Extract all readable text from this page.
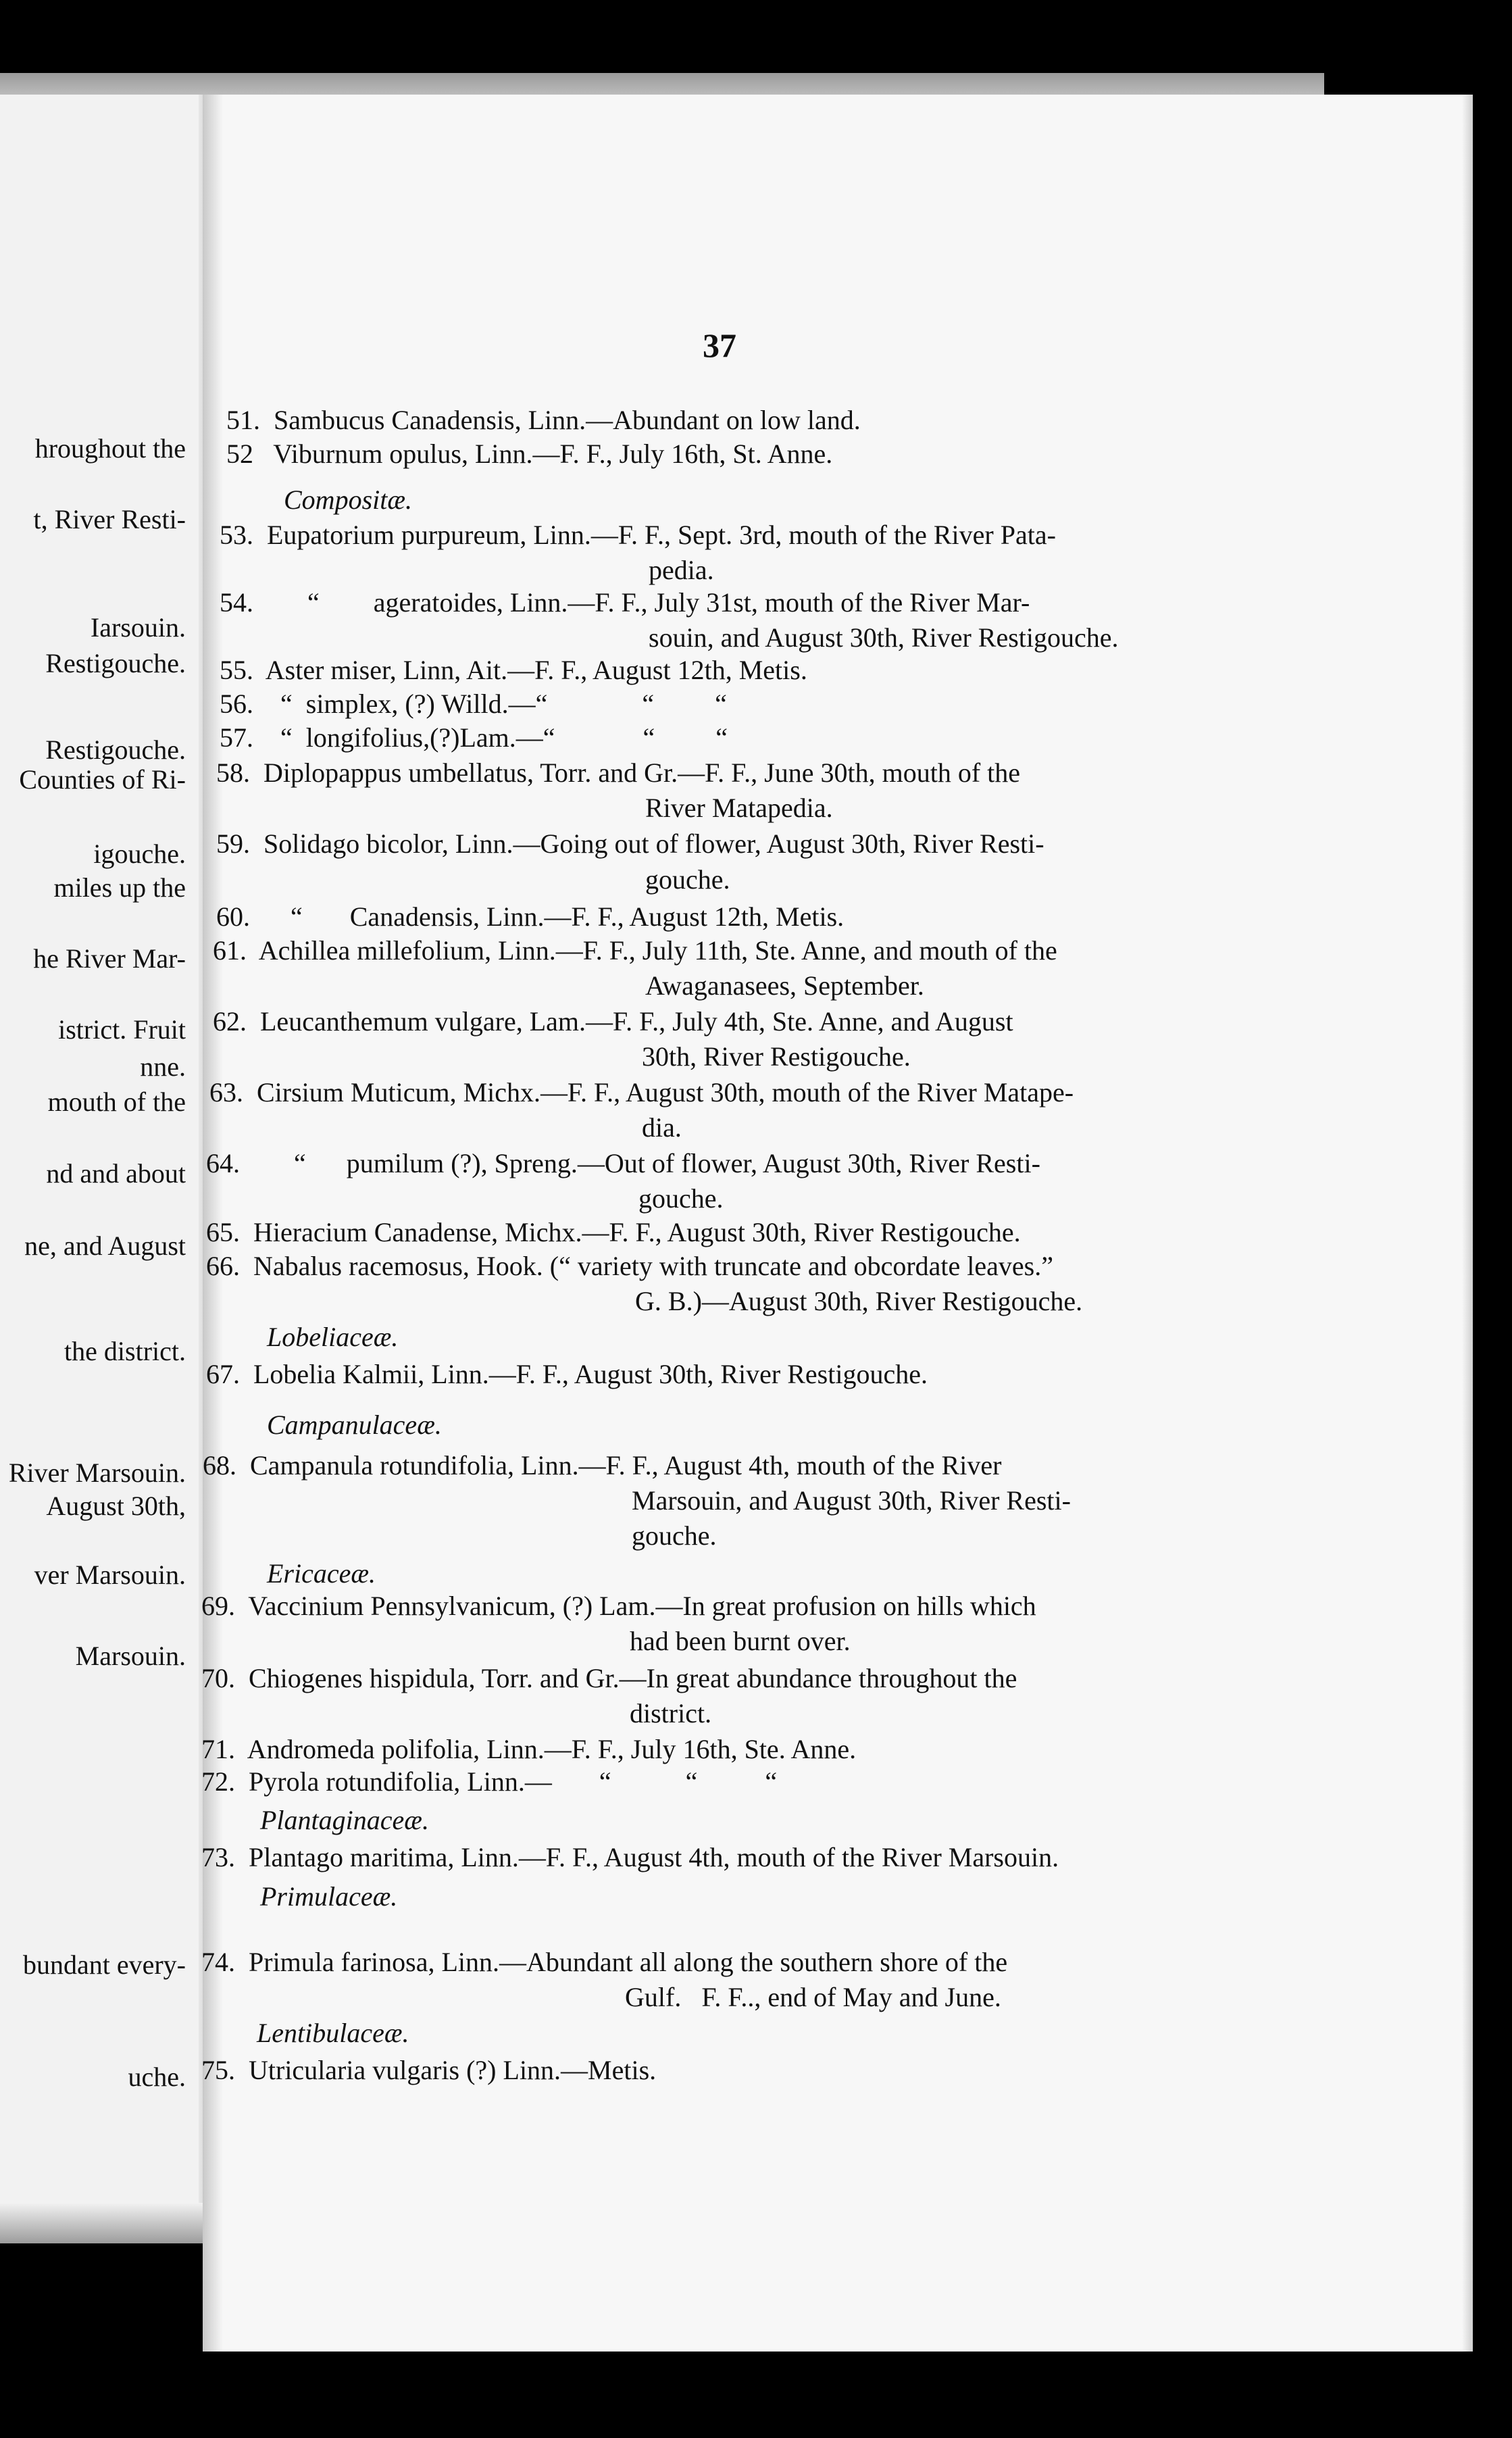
37
hroughout the
t, River Resti-
Iarsouin.
Restigouche.
Restigouche.
Counties of Ri-
igouche.
miles up the
he River Mar-
istrict. Fruit
nne.
mouth of the
nd and about
ne, and August
the district.
River Marsouin.
August 30th,
ver Marsouin.
Marsouin.
bundant every-
uche.
51.  Sambucus Canadensis, Linn.—Abundant on low land.
52   Viburnum opulus, Linn.—F. F., July 16th, St. Anne.
Compositæ.
53.  Eupatorium purpureum, Linn.—F. F., Sept. 3rd, mouth of the River Pata-
pedia.
54.        “        ageratoides, Linn.—F. F., July 31st, mouth of the River Mar-
souin, and August 30th, River Restigouche.
55.  Aster miser, Linn, Ait.—F. F., August 12th, Metis.
56.    “  simplex, (?) Willd.—“              “         “
57.    “  longifolius,(?)Lam.—“             “         “
58.  Diplopappus umbellatus, Torr. and Gr.—F. F., June 30th, mouth of the
River Matapedia.
59.  Solidago bicolor, Linn.—Going out of flower, August 30th, River Resti-
gouche.
60.      “       Canadensis, Linn.—F. F., August 12th, Metis.
61.  Achillea millefolium, Linn.—F. F., July 11th, Ste. Anne, and mouth of the
Awaganasees, September.
62.  Leucanthemum vulgare, Lam.—F. F., July 4th, Ste. Anne, and August
30th, River Restigouche.
63.  Cirsium Muticum, Michx.—F. F., August 30th, mouth of the River Matape-
dia.
64.        “      pumilum (?), Spreng.—Out of flower, August 30th, River Resti-
gouche.
65.  Hieracium Canadense, Michx.—F. F., August 30th, River Restigouche.
66.  Nabalus racemosus, Hook. (“ variety with truncate and obcordate leaves.”
G. B.)—August 30th, River Restigouche.
Lobeliaceæ.
67.  Lobelia Kalmii, Linn.—F. F., August 30th, River Restigouche.
Campanulaceæ.
68.  Campanula rotundifolia, Linn.—F. F., August 4th, mouth of the River
Marsouin, and August 30th, River Resti-
gouche.
Ericaceæ.
69.  Vaccinium Pennsylvanicum, (?) Lam.—In great profusion on hills which
had been burnt over.
70.  Chiogenes hispidula, Torr. and Gr.—In great abundance throughout the
district.
71.  Andromeda polifolia, Linn.—F. F., July 16th, Ste. Anne.
72.  Pyrola rotundifolia, Linn.—       “           “          “
Plantaginaceæ.
73.  Plantago maritima, Linn.—F. F., August 4th, mouth of the River Marsouin.
Primulaceæ.
74.  Primula farinosa, Linn.—Abundant all along the southern shore of the
Gulf.   F. F.., end of May and June.
Lentibulaceæ.
75.  Utricularia vulgaris (?) Linn.—Metis.
